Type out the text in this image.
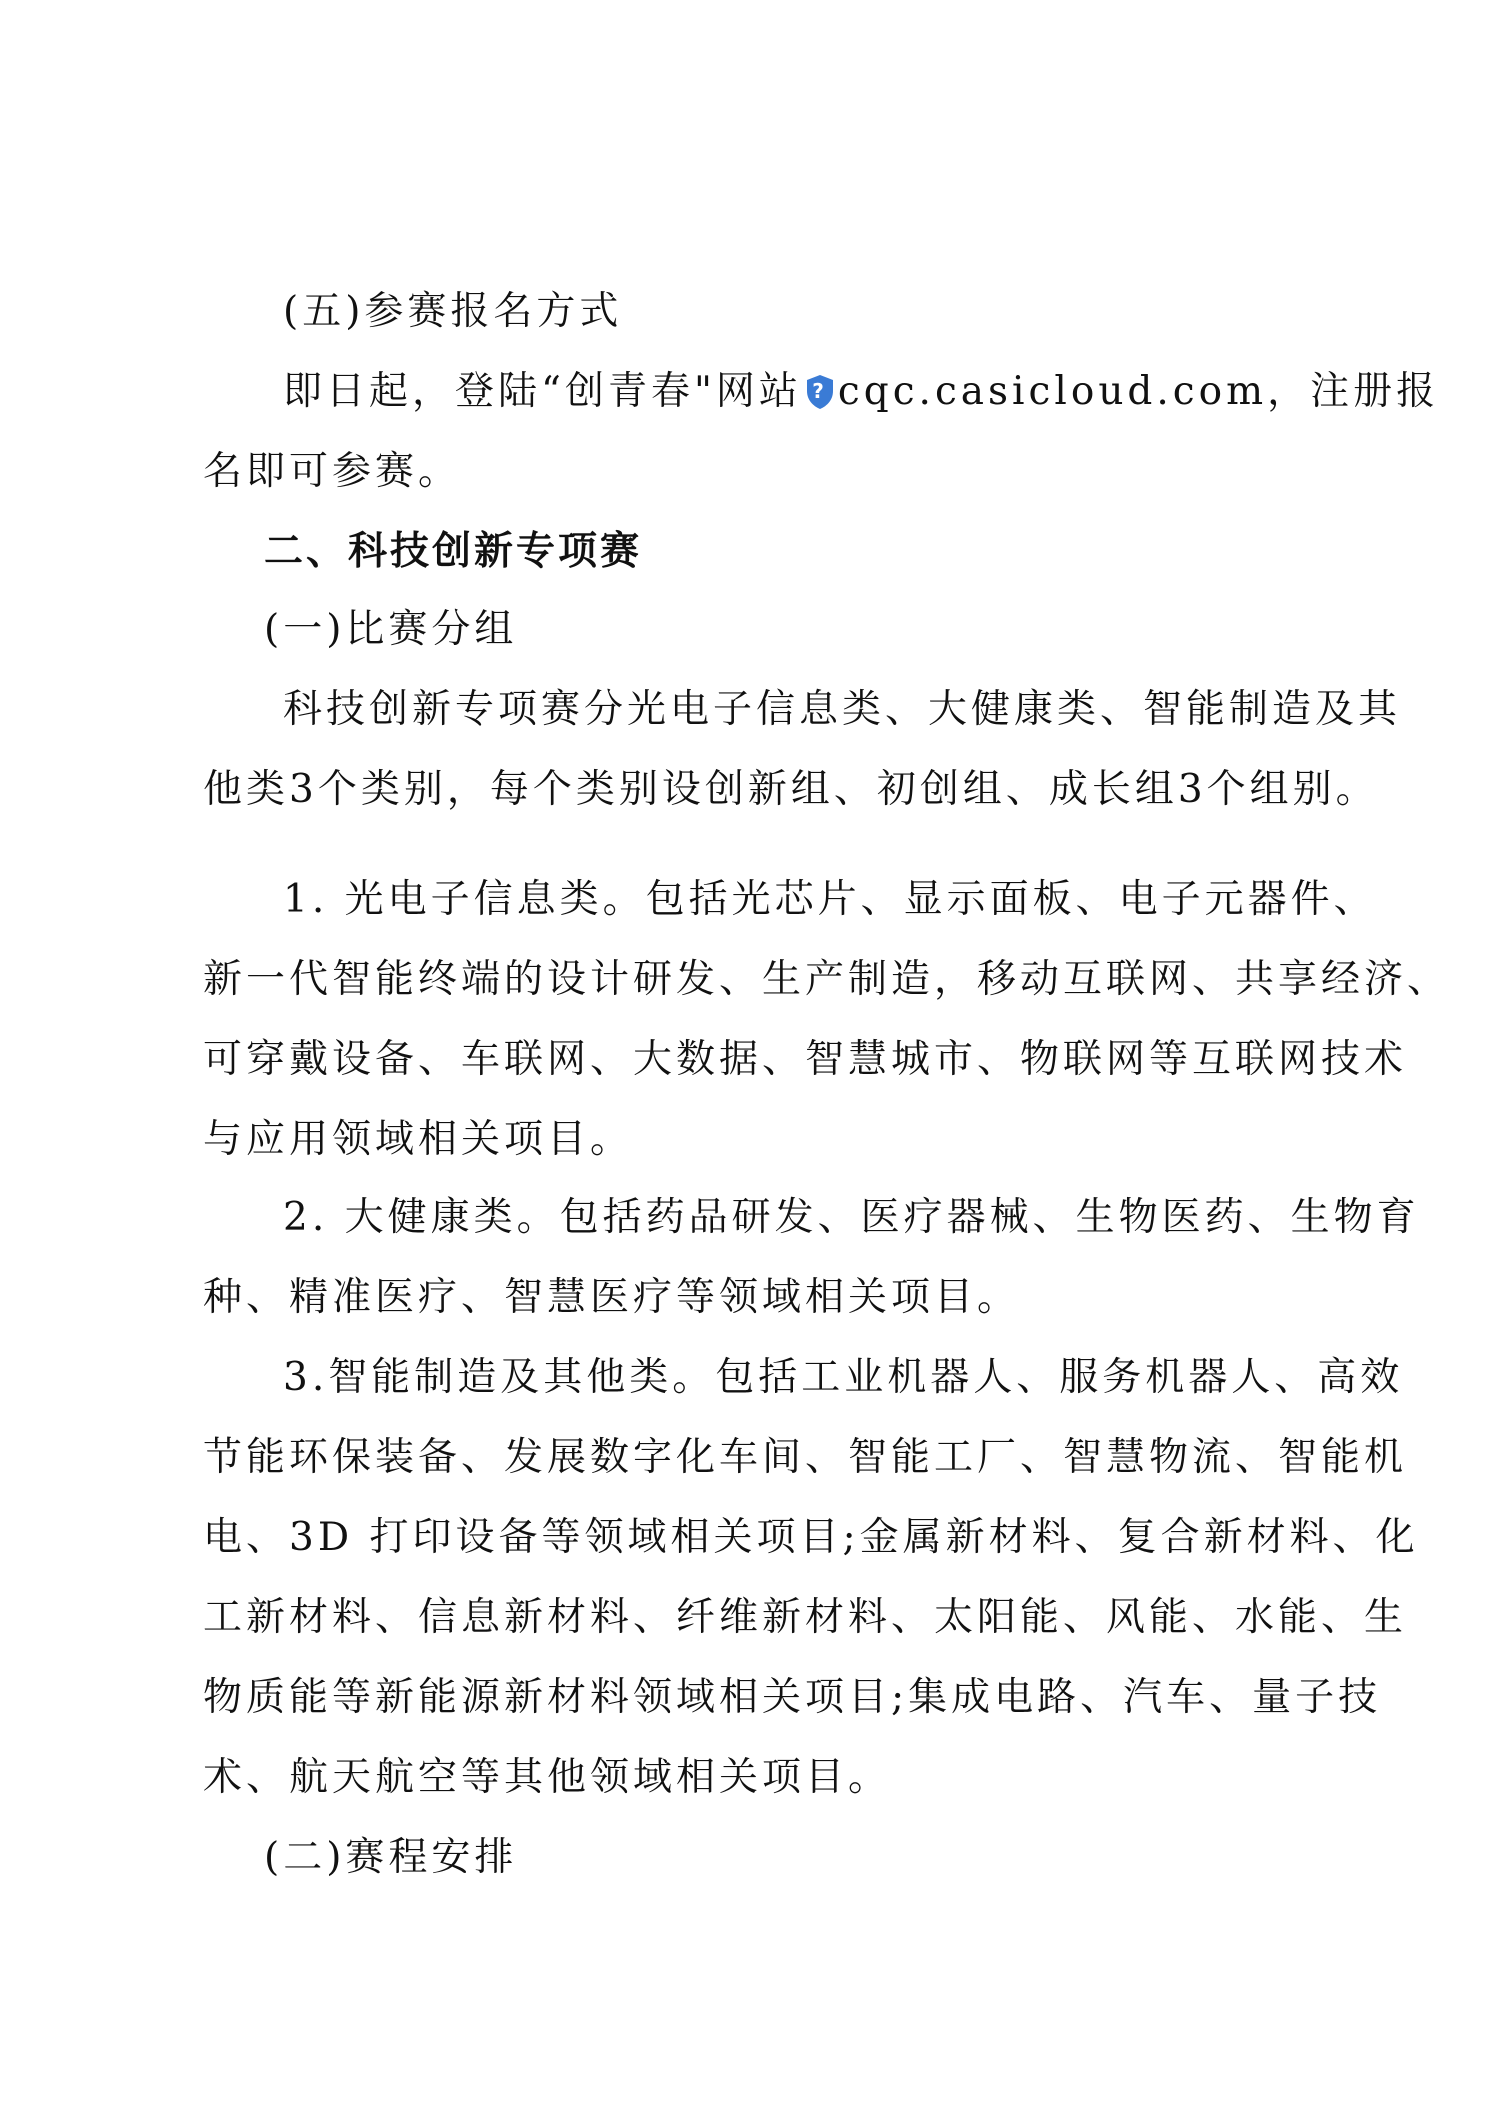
(五)参赛报名方式
即日起，登陆“创青春"网站 ? cqc.casicloud.com，注册报
名即可参赛。
二、科技创新专项赛
(一)比赛分组
科技创新专项赛分光电子信息类、大健康类、智能制造及其
他类3个类别，每个类别设创新组、初创组、成长组3个组别。
1. 光电子信息类。包括光芯片、显示面板、电子元器件、
新一代智能终端的设计研发、生产制造，移动互联网、共享经济、
可穿戴设备、车联网、大数据、智慧城市、物联网等互联网技术
与应用领域相关项目。
2. 大健康类。包括药品研发、医疗器械、生物医药、生物育
种、精准医疗、智慧医疗等领域相关项目。
3.智能制造及其他类。包括工业机器人、服务机器人、高效
节能环保装备、发展数字化车间、智能工厂、智慧物流、智能机
电、3D 打印设备等领域相关项目;金属新材料、复合新材料、化
工新材料、信息新材料、纤维新材料、太阳能、风能、水能、生
物质能等新能源新材料领域相关项目;集成电路、汽车、量子技
术、航天航空等其他领域相关项目。
(二)赛程安排
